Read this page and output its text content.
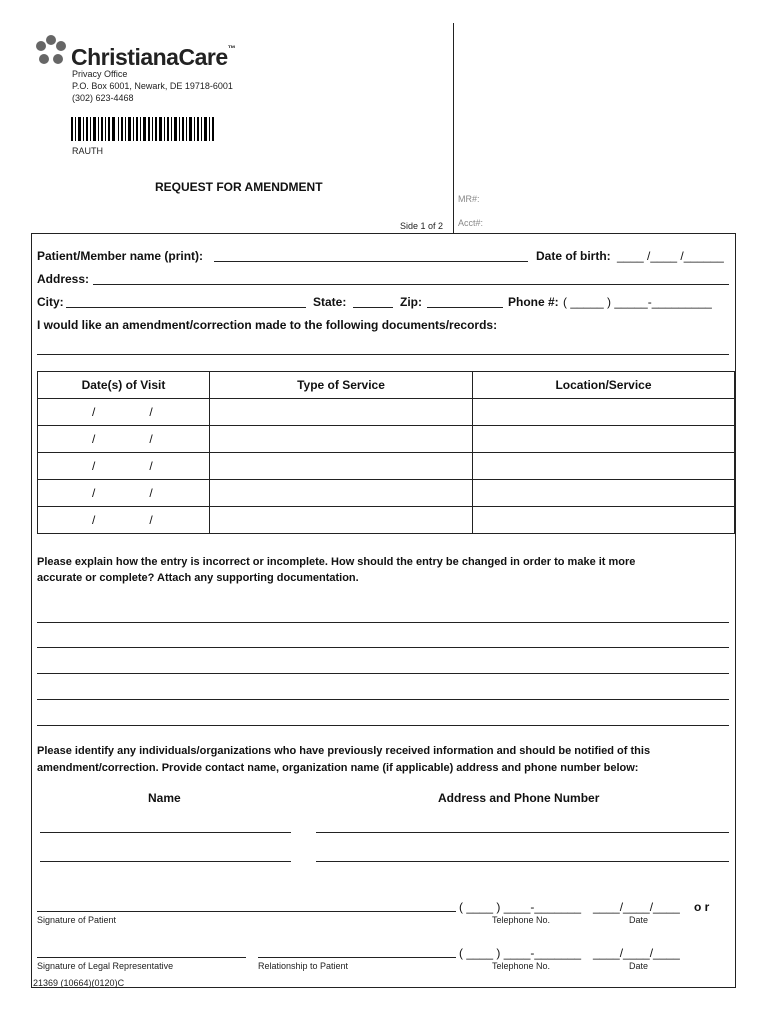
ChristianaCare™
Privacy Office
P.O. Box 6001, Newark, DE 19718-6001
(302) 623-4468
RAUTH
REQUEST FOR AMENDMENT
MR#:
Side 1 of 2 Acct#:
Patient/Member name (print):	Date of birth: ____ /____ /______
Address:
City:	State:	Zip:	Phone #: ( _____ ) _____-_________
I would like an amendment/correction made to the following documents/records:
Date(s) of Visit	Type of Service	Location/Service
/ /		
/ /		
/ /		
/ /		
/ /		
Please explain how the entry is incorrect or incomplete. How should the entry be changed in order to make it more
accurate or complete? Attach any supporting documentation.
Please identify any individuals/organizations who have previously received information and should be notified of this
amendment/correction. Provide contact name, organization name (if applicable) address and phone number below:
Name	Address and Phone Number
( ____ ) ____-_______ ____/____/____ o r
Signature of Patient	Telephone No.	Date
( ____ ) ____-_______ ____/____/____
Signature of Legal Representative	Relationship to Patient	Telephone No.	Date
21369 (10664)(0120)C
